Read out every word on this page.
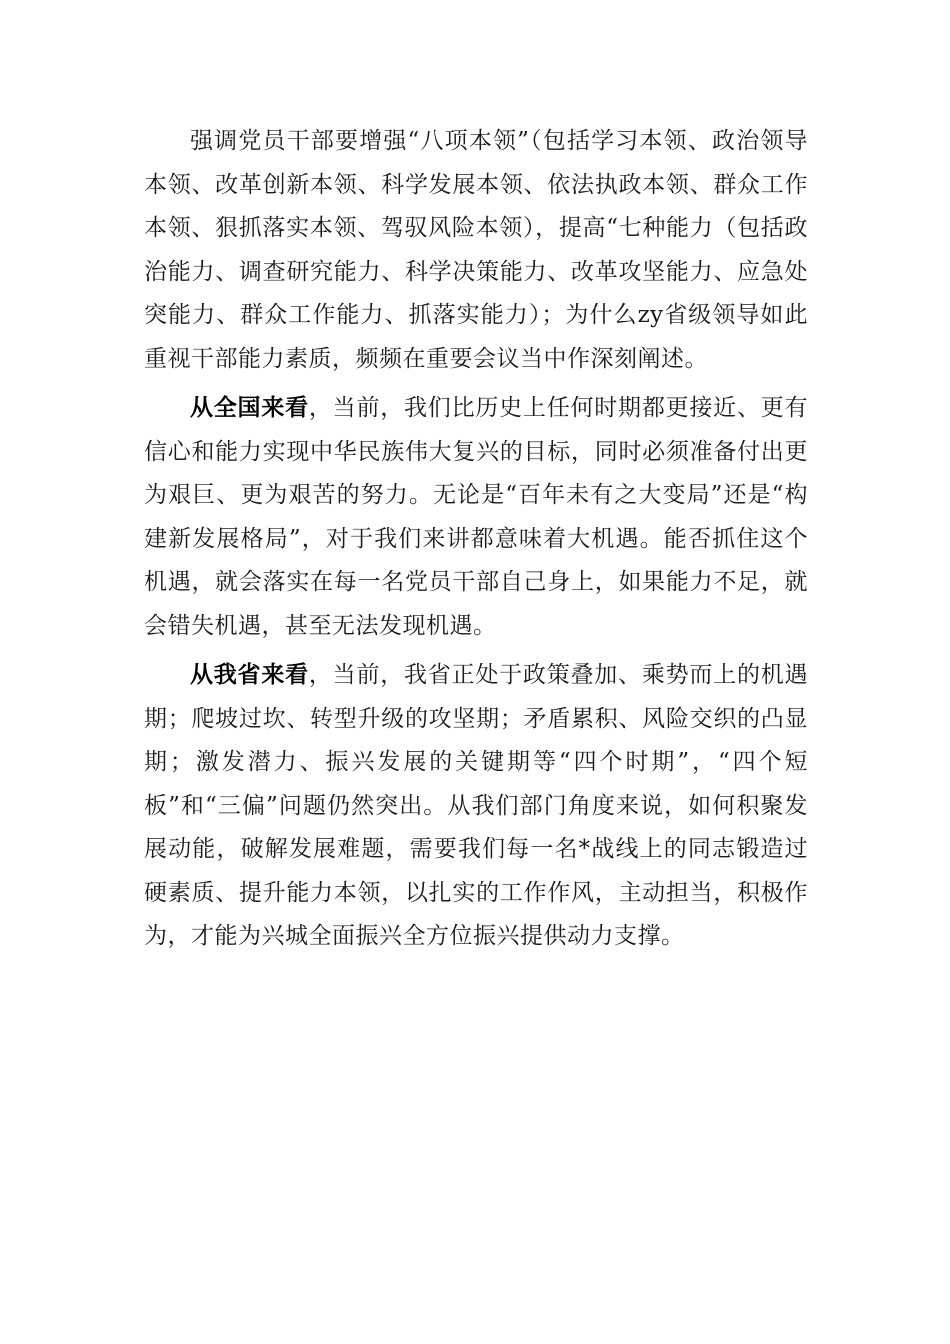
强调党员干部要增强“八项本领”（包括学习本领、政治领导本领、改革创新本领、科学发展本领、依法执政本领、群众工作本领、狠抓落实本领、驾驭风险本领），提高“七种能力（包括政治能力、调查研究能力、科学决策能力、改革攻坚能力、应急处突能力、群众工作能力、抓落实能力）；为什么zy省级领导如此重视干部能力素质，频频在重要会议当中作深刻阐述。

从全国来看，当前，我们比历史上任何时期都更接近、更有信心和能力实现中华民族伟大复兴的目标，同时必须准备付出更为艰巨、更为艰苦的努力。无论是“百年未有之大变局”还是“构建新发展格局”，对于我们来讲都意味着大机遇。能否抓住这个机遇，就会落实在每一名党员干部自己身上，如果能力不足，就会错失机遇，甚至无法发现机遇。

从我省来看，当前，我省正处于政策叠加、乘势而上的机遇期；爬坡过坎、转型升级的攻坚期；矛盾累积、风险交织的凸显期；激发潜力、振兴发展的关键期等“四个时期”，“四个短板”和“三偏”问题仍然突出。从我们部门角度来说，如何积聚发展动能，破解发展难题，需要我们每一名*战线上的同志锻造过硬素质、提升能力本领，以扎实的工作作风，主动担当，积极作为，才能为兴城全面振兴全方位振兴提供动力支撑。
